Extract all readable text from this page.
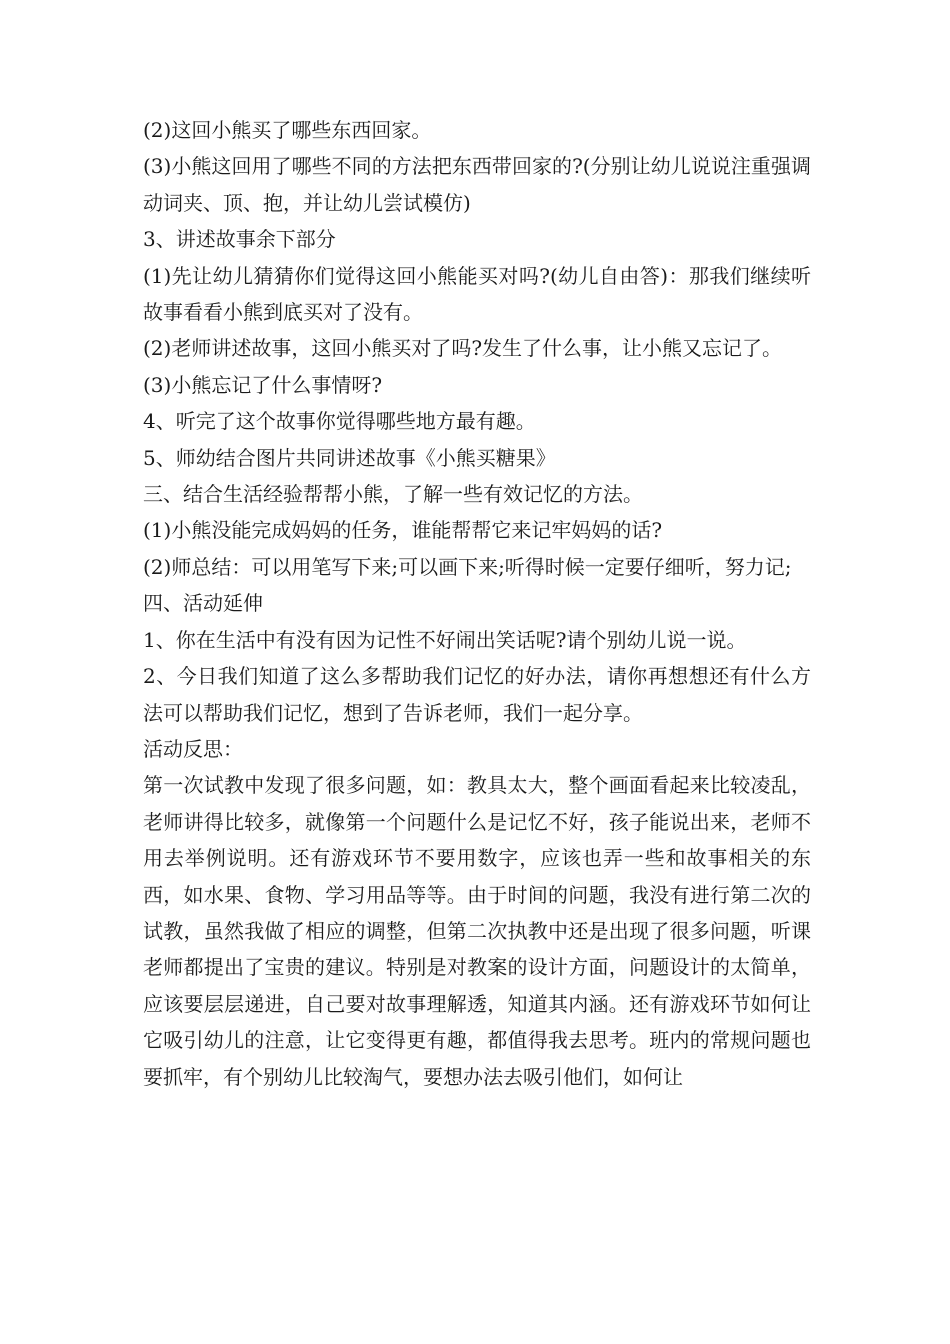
(2)这回小熊买了哪些东西回家。

(3)小熊这回用了哪些不同的方法把东西带回家的?(分别让幼儿说说注重强调动词夹、顶、抱，并让幼儿尝试模仿)

3、讲述故事余下部分

(1)先让幼儿猜猜你们觉得这回小熊能买对吗?(幼儿自由答)：那我们继续听故事看看小熊到底买对了没有。

(2)老师讲述故事，这回小熊买对了吗?发生了什么事，让小熊又忘记了。

(3)小熊忘记了什么事情呀?

4、听完了这个故事你觉得哪些地方最有趣。

5、师幼结合图片共同讲述故事《小熊买糖果》

三、结合生活经验帮帮小熊，了解一些有效记忆的方法。

(1)小熊没能完成妈妈的任务，谁能帮帮它来记牢妈妈的话?

(2)师总结：可以用笔写下来;可以画下来;听得时候一定要仔细听，努力记;

四、活动延伸

1、你在生活中有没有因为记性不好闹出笑话呢?请个别幼儿说一说。

2、今日我们知道了这么多帮助我们记忆的好办法，请你再想想还有什么方法可以帮助我们记忆，想到了告诉老师，我们一起分享。

活动反思：

第一次试教中发现了很多问题，如：教具太大，整个画面看起来比较凌乱，老师讲得比较多，就像第一个问题什么是记忆不好，孩子能说出来，老师不用去举例说明。还有游戏环节不要用数字，应该也弄一些和故事相关的东西，如水果、食物、学习用品等等。由于时间的问题，我没有进行第二次的试教，虽然我做了相应的调整，但第二次执教中还是出现了很多问题，听课老师都提出了宝贵的建议。特别是对教案的设计方面，问题设计的太简单，应该要层层递进，自己要对故事理解透，知道其内涵。还有游戏环节如何让它吸引幼儿的注意，让它变得更有趣，都值得我去思考。班内的常规问题也要抓牢，有个别幼儿比较淘气，要想办法去吸引他们，如何让
